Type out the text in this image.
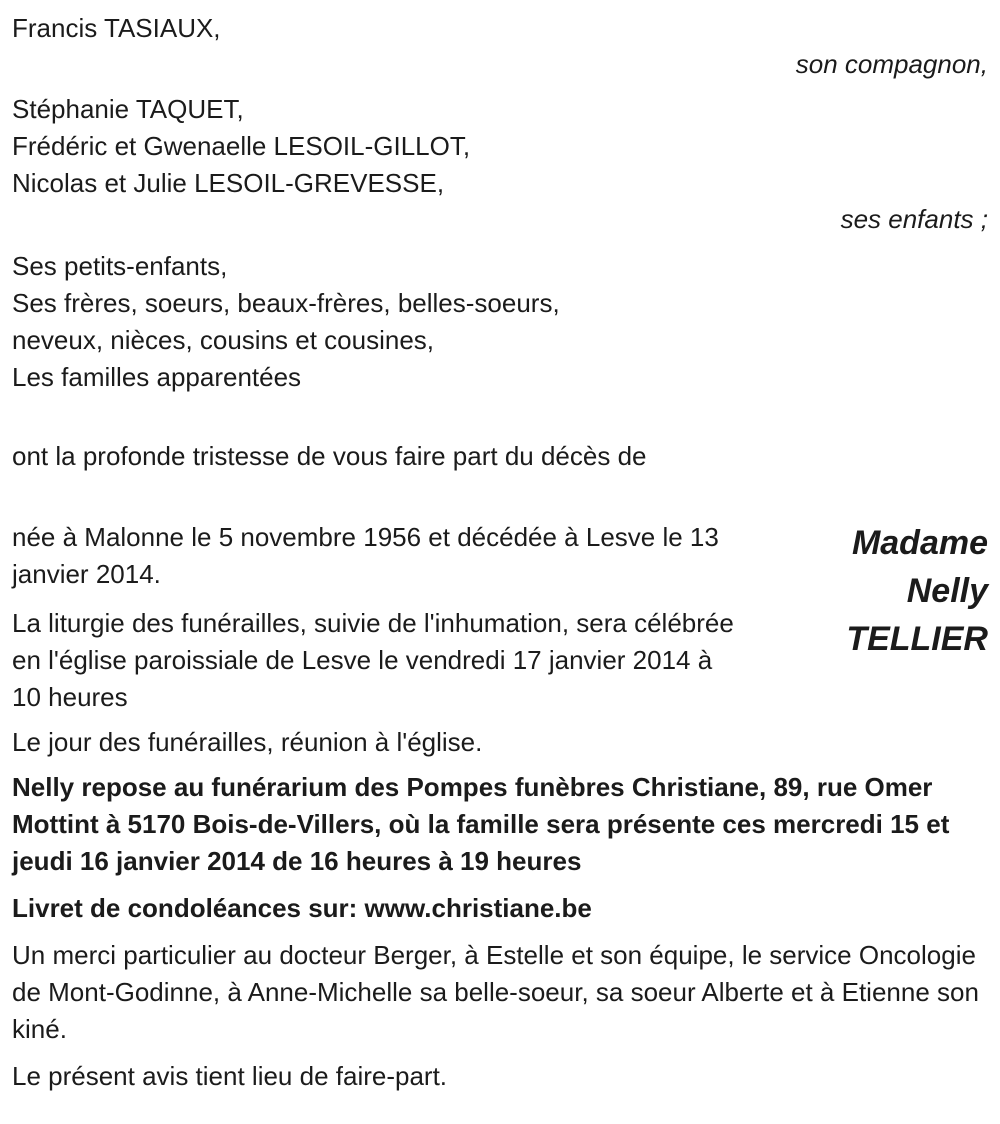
Francis TASIAUX,

son compagnon,

Stéphanie TAQUET,

Frédéric et Gwenaelle LESOIL-GILLOT,

Nicolas et Julie LESOIL-GREVESSE,

ses enfants ;

Ses petits-enfants,

Ses frères, soeurs, beaux-frères, belles-soeurs,

neveux, nièces, cousins et cousines,

Les familles apparentées

ont la profonde tristesse de vous faire part du décès de

née à Malonne le 5 novembre 1956 et décédée à Lesve le 13 janvier 2014.

La liturgie des funérailles, suivie de l'inhumation, sera célébrée en l'église paroissiale de Lesve le vendredi 17 janvier 2014 à 10 heures

Le jour des funérailles, réunion à l'église.

Madame
Nelly
TELLIER

Nelly repose au funérarium des Pompes funèbres Christiane, 89, rue Omer Mottint à 5170 Bois-de-Villers, où la famille sera présente ces mercredi 15 et jeudi 16 janvier 2014 de 16 heures à 19 heures

Livret de condoléances sur: www.christiane.be

Un merci particulier au docteur Berger, à Estelle et son équipe, le service Oncologie de Mont-Godinne, à Anne-Michelle sa belle-soeur, sa soeur Alberte et à Etienne son kiné.

Le présent avis tient lieu de faire-part.
